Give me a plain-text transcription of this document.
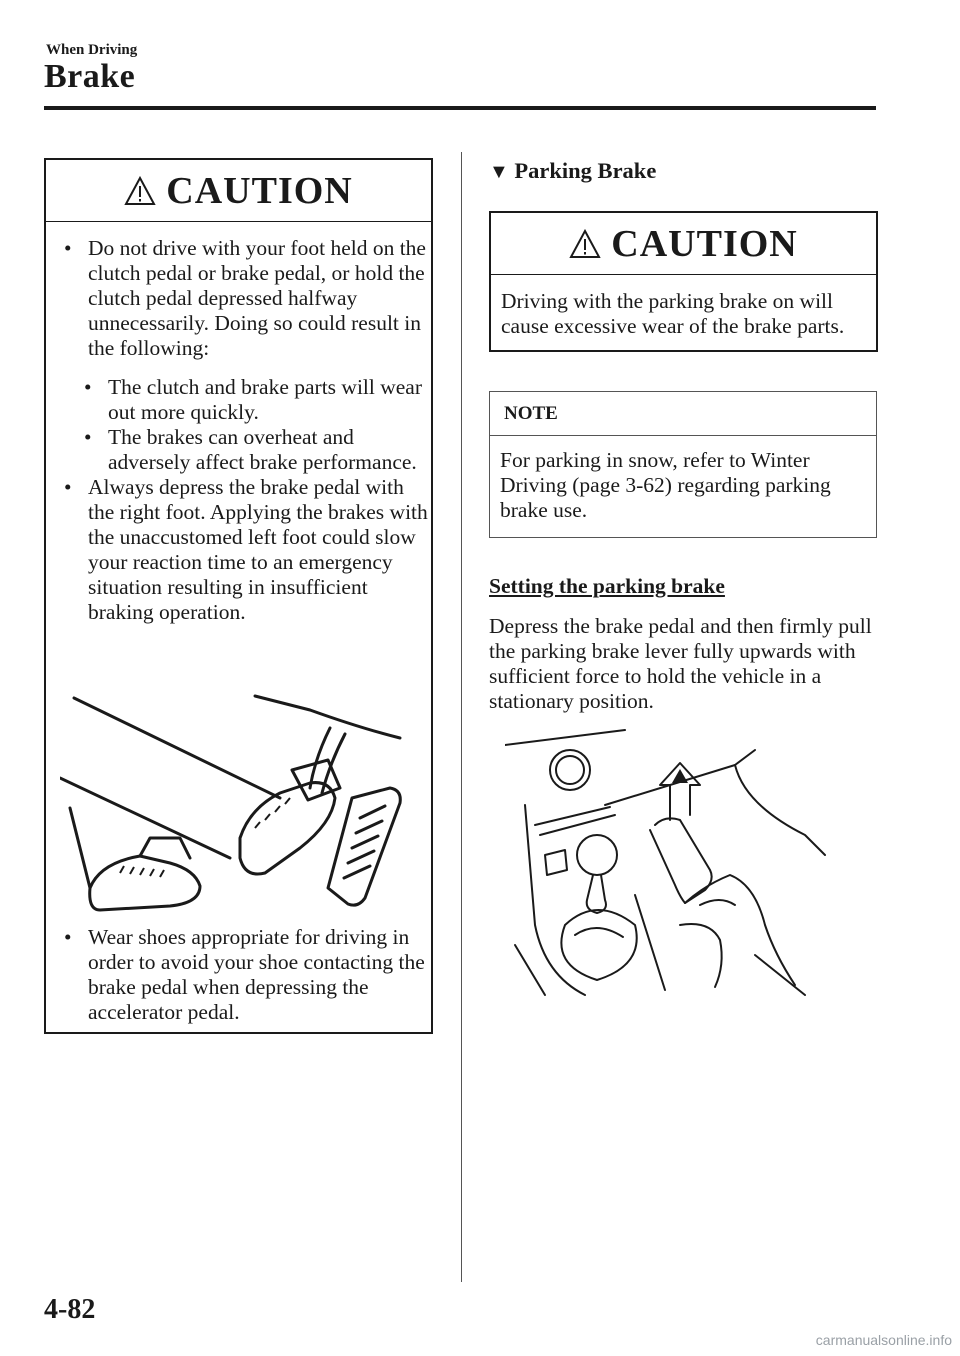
When Driving
Brake
CAUTION
• Do not drive with your foot held on the clutch pedal or brake pedal, or hold the clutch pedal depressed halfway unnecessarily. Doing so could result in the following:
• The clutch and brake parts will wear out more quickly.
• The brakes can overheat and adversely affect brake performance.
• Always depress the brake pedal with the right foot. Applying the brakes with the unaccustomed left foot could slow your reaction time to an emergency situation resulting in insufficient braking operation.
• Wear shoes appropriate for driving in order to avoid your shoe contacting the brake pedal when depressing the accelerator pedal.
▼ Parking Brake
CAUTION
Driving with the parking brake on will cause excessive wear of the brake parts.
NOTE
For parking in snow, refer to Winter Driving (page 3-62) regarding parking brake use.
Setting the parking brake
Depress the brake pedal and then firmly pull the parking brake lever fully upwards with sufficient force to hold the vehicle in a stationary position.
4-82
carmanualsonline.info
